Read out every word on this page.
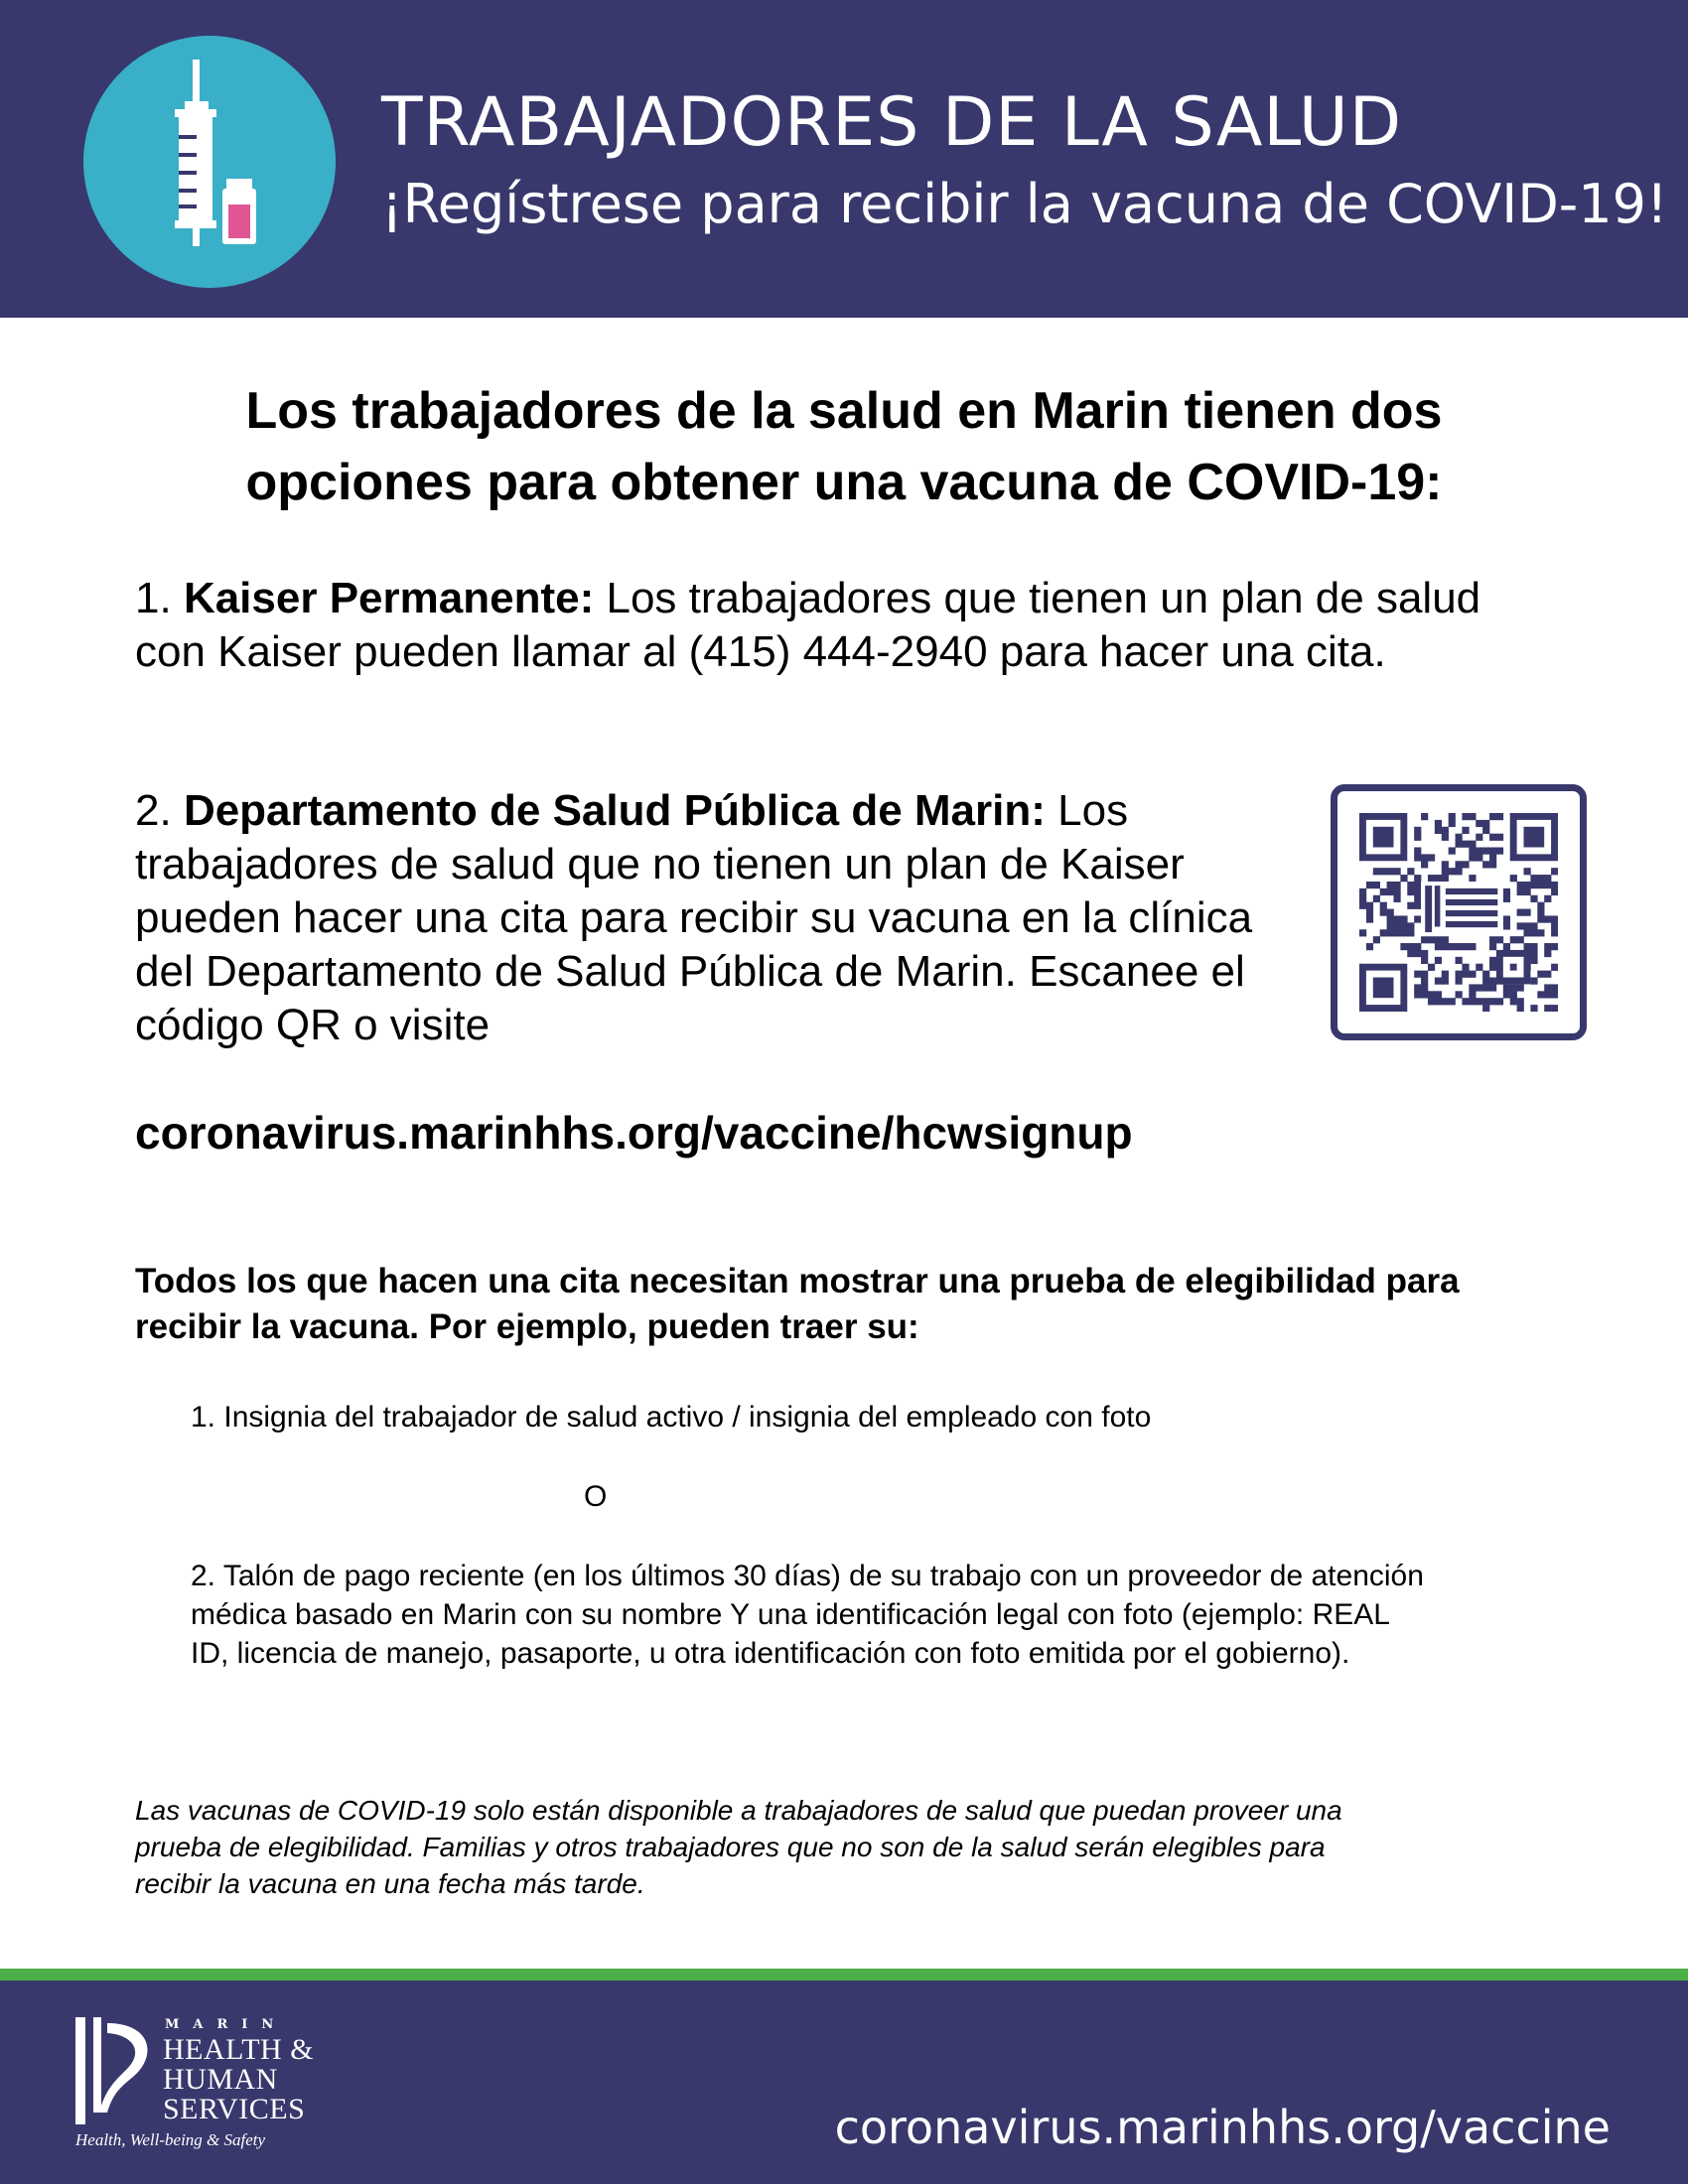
TRABAJADORES DE LA SALUD
¡Regístrese para recibir la vacuna de COVID-19!
Los trabajadores de la salud en Marin tienen dos
opciones para obtener una vacuna de COVID-19:
1. Kaiser Permanente: Los trabajadores que tienen un plan de salud con Kaiser pueden llamar al (415) 444-2940 para hacer una cita.
2. Departamento de Salud Pública de Marin: Los trabajadores de salud que no tienen un plan de Kaiser pueden hacer una cita para recibir su vacuna en la clínica del Departamento de Salud Pública de Marin. Escanee el código QR o visite
coronavirus.marinhhs.org/vaccine/hcwsignup
Todos los que hacen una cita necesitan mostrar una prueba de elegibilidad para recibir la vacuna. Por ejemplo, pueden traer su:
1. Insignia del trabajador de salud activo / insignia del empleado con foto
O
2. Talón de pago reciente (en los últimos 30 días) de su trabajo con un proveedor de atención médica basado en Marin con su nombre Y una identificación legal con foto (ejemplo: REAL ID, licencia de manejo, pasaporte, u otra identificación con foto emitida por el gobierno).
Las vacunas de COVID-19 solo están disponible a trabajadores de salud que puedan proveer una prueba de elegibilidad. Familias y otros trabajadores que no son de la salud serán elegibles para recibir la vacuna en una fecha más tarde.
MARIN
HEALTH &
HUMAN
SERVICES
Health, Well-being & Safety	coronavirus.marinhhs.org/vaccine
